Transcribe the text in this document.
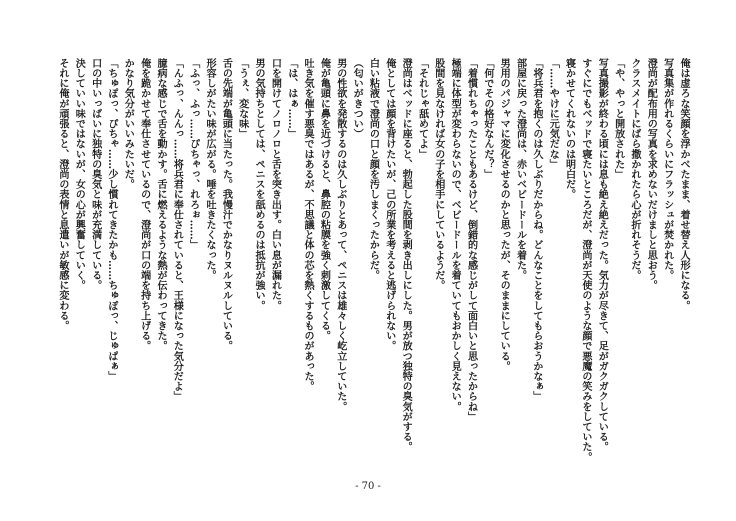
俺は虚ろな笑顔を浮かべたまま、着せ替え人形になる。
写真集が作れるくらいにフラッシュが焚かれた。
澄尚が配布用の写真を求めないだけましと思おう。
クラスメイトにばら撒かれたら心が折れそうだ。
「や、やっと開放された」
写真撮影が終わる頃には息も絶え絶えだった。気力が尽きて、足がガクガクしている。
すぐにでもベッドで寝たいところだが、澄尚が天使のような顔で悪魔の笑みをしていた。
寝かせてくれないのは明白だ。
「……やけに元気だな」
「将兵君を抱くのは久しぶりだからね。どんなことをしてもらおうかなぁ」
部屋に戻った澄尚は、赤いベビードールを着た。
男用のパジャマに変化させるのかと思ったが、そのままにしている。
「何でその格好なんだ？」
「着慣れちゃったこともあるけど、倒錯的な感じがして面白いと思ったからね」
極端に体型が変わらないので、ベビードールを着ていてもおかしく見えない。
股間を見なければ女の子を相手にしているようだ。
「それじゃ舐めてよ」
澄尚はベッドに座ると、勃起した股間を剥き出しにした。男が放つ独特の臭気がする。
俺としては顔を背けたいが、己の所業を考えると逃げられない。
白い粘液で澄尚の口と顔を汚しまくったからだ。
（匂いがきつい）
男の性欲を発散するのは久しぶりとあって、ペニスは雄々しく屹立していた。
俺が亀頭に鼻を近づけると、鼻腔の粘膜を強く刺激してくる。
吐き気を催す悪臭ではあるが、不思議と体の芯を熱くするものがあった。
「は、はぁ……」
口を開けてノロノロと舌を突き出す。白い息が漏れた。
男の気持ちとしては、ペニスを舐めるのは抵抗が強い。
「うぇ、変な味」
舌の先端が亀頭に当たった。我慢汁でかなりヌルヌルしている。
形容しがたい味が広がる。唾を吐きたくなった。
「ふっ、ふっ……ぴちゃっ、れろぉ……」
「んふっ、んんっ……将兵君に奉仕されていると、王様になった気分だよ」
臆病な感じで舌を動かす。舌に燃えるような熱が伝わってきた。
俺を跪かせて奉仕させているので、澄尚が口の端を持ち上げる。
かなり気分がいいみたいだ。
「ちゅぽっ、ぴちゃ……少し慣れてきたかも……ちゅぽっ、じゅぱぁ」
口の中いっぱいに独特の臭気と味が充満している。
決していい味ではないが、女の心が興奮していく。
それに俺が頑張ると、澄尚の表情と息遣いが敏感に変わる。
- 70 -
